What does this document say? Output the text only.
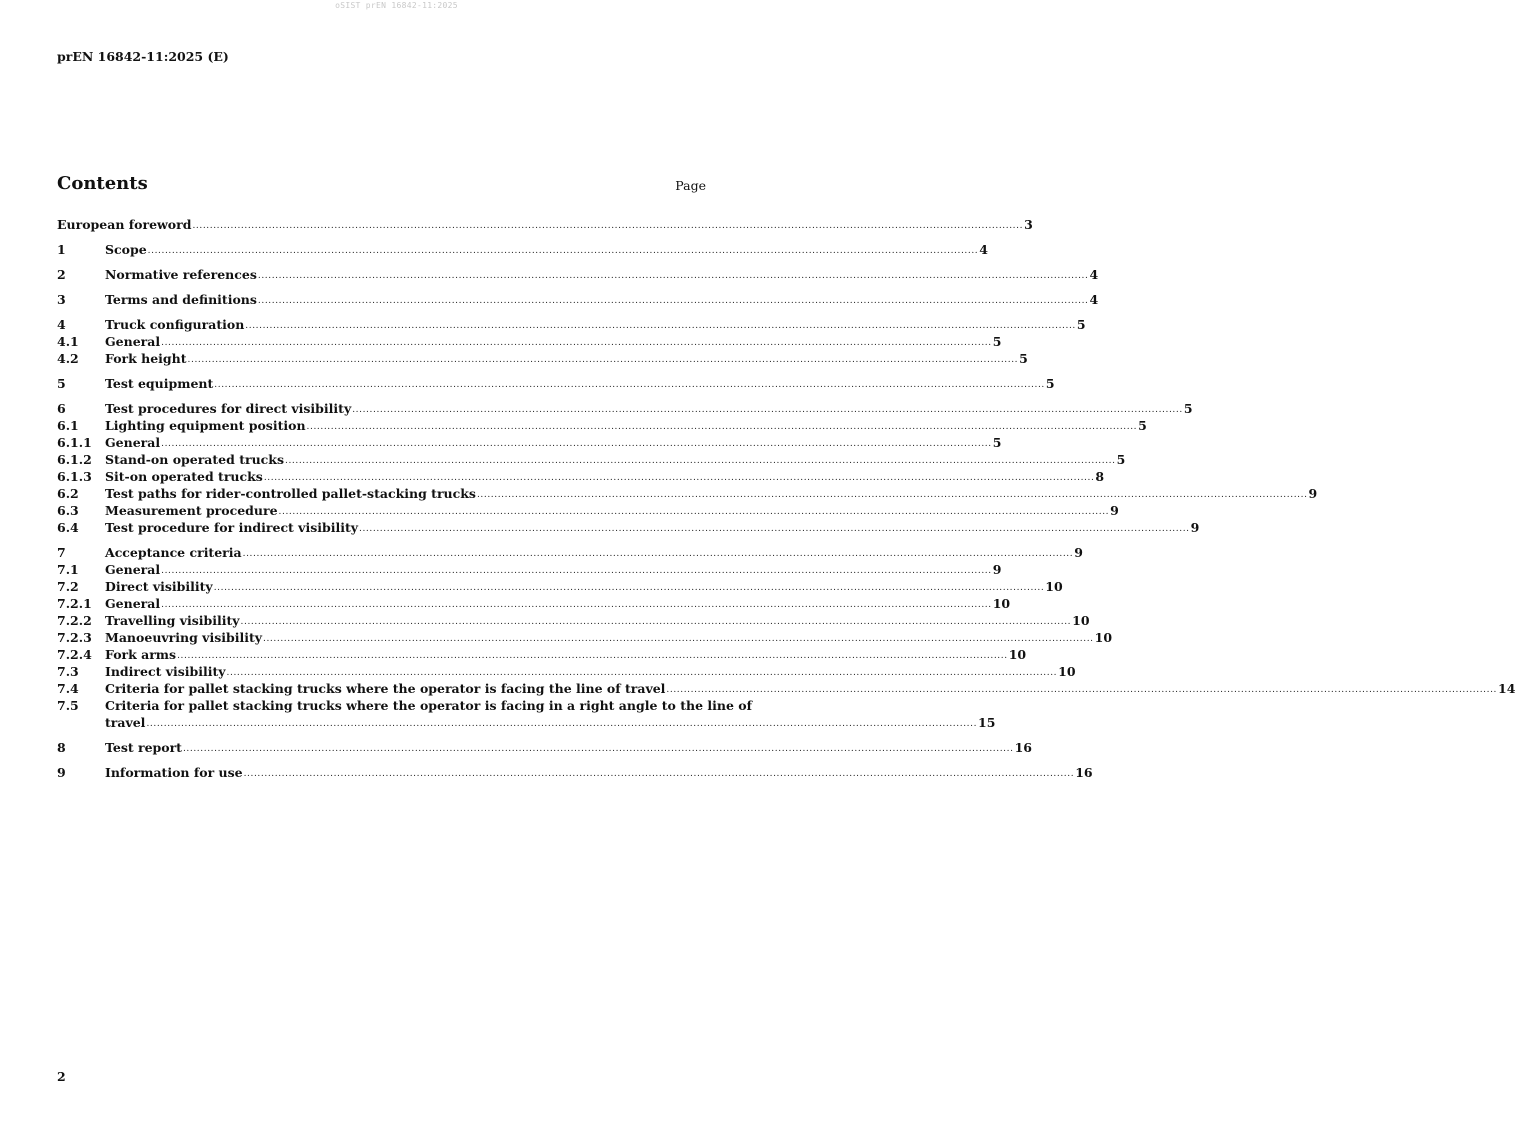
oSIST prEN 16842-11:2025
prEN 16842-11:2025 (E)
Contents	Page
European foreword .....	3
1	Scope .....	4
2	Normative references .....	4
3	Terms and definitions .....	4
4	Truck configuration .....	5
4.1	General .....	5
4.2	Fork height .....	5
5	Test equipment .....	5
6	Test procedures for direct visibility .....	5
6.1	Lighting equipment position .....	5
6.1.1	General .....	5
6.1.2	Stand-on operated trucks .....	5
6.1.3	Sit-on operated trucks .....	8
6.2	Test paths for rider-controlled pallet-stacking trucks .....	9
6.3	Measurement procedure .....	9
6.4	Test procedure for indirect visibility .....	9
7	Acceptance criteria .....	9
7.1	General .....	9
7.2	Direct visibility .....	10
7.2.1	General .....	10
7.2.2	Travelling visibility .....	10
7.2.3	Manoeuvring visibility .....	10
7.2.4	Fork arms .....	10
7.3	Indirect visibility .....	10
7.4	Criteria for pallet stacking trucks where the operator is facing the line of travel .....	14
7.5	Criteria for pallet stacking trucks where the operator is facing in a right angle to the line of
travel .....	15
8	Test report .....	16
9	Information for use .....	16
2
